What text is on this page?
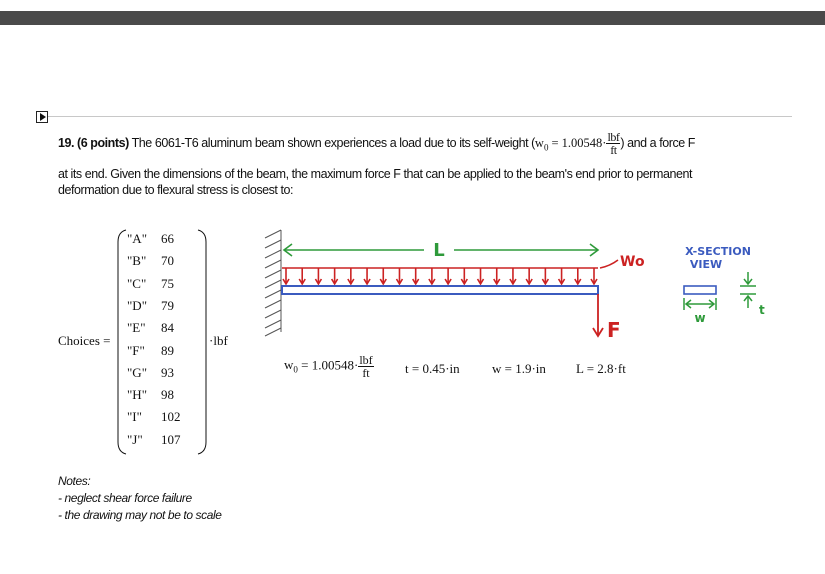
19. (6 points) The 6061-T6 aluminum beam shown experiences a load due to its self-weight ($w_0 = 1.00548\cdot \frac{\text{lbf}}{ft}$ ) and a force F
at its end. Given the dimensions of the beam, the maximum force F that can be applied to the beam's end prior to permanent
deformation due to flexural stress is closest to:
Choices =
"A" 66
"B" 70
"C" 75
"D" 79
"E" 84
"F" 89
"G" 93
"H" 98
"I" 102
"J" 107
·lbf
L
Wo
F
X-SECTION
VIEW
w
t
$w_0 = 1.00548\cdot \frac{\text{lbf}}{ft}$ t = 0.45·in w = 1.9·in L = 2.8·ft
Notes:
- neglect shear force failure
- the drawing may not be to scale
